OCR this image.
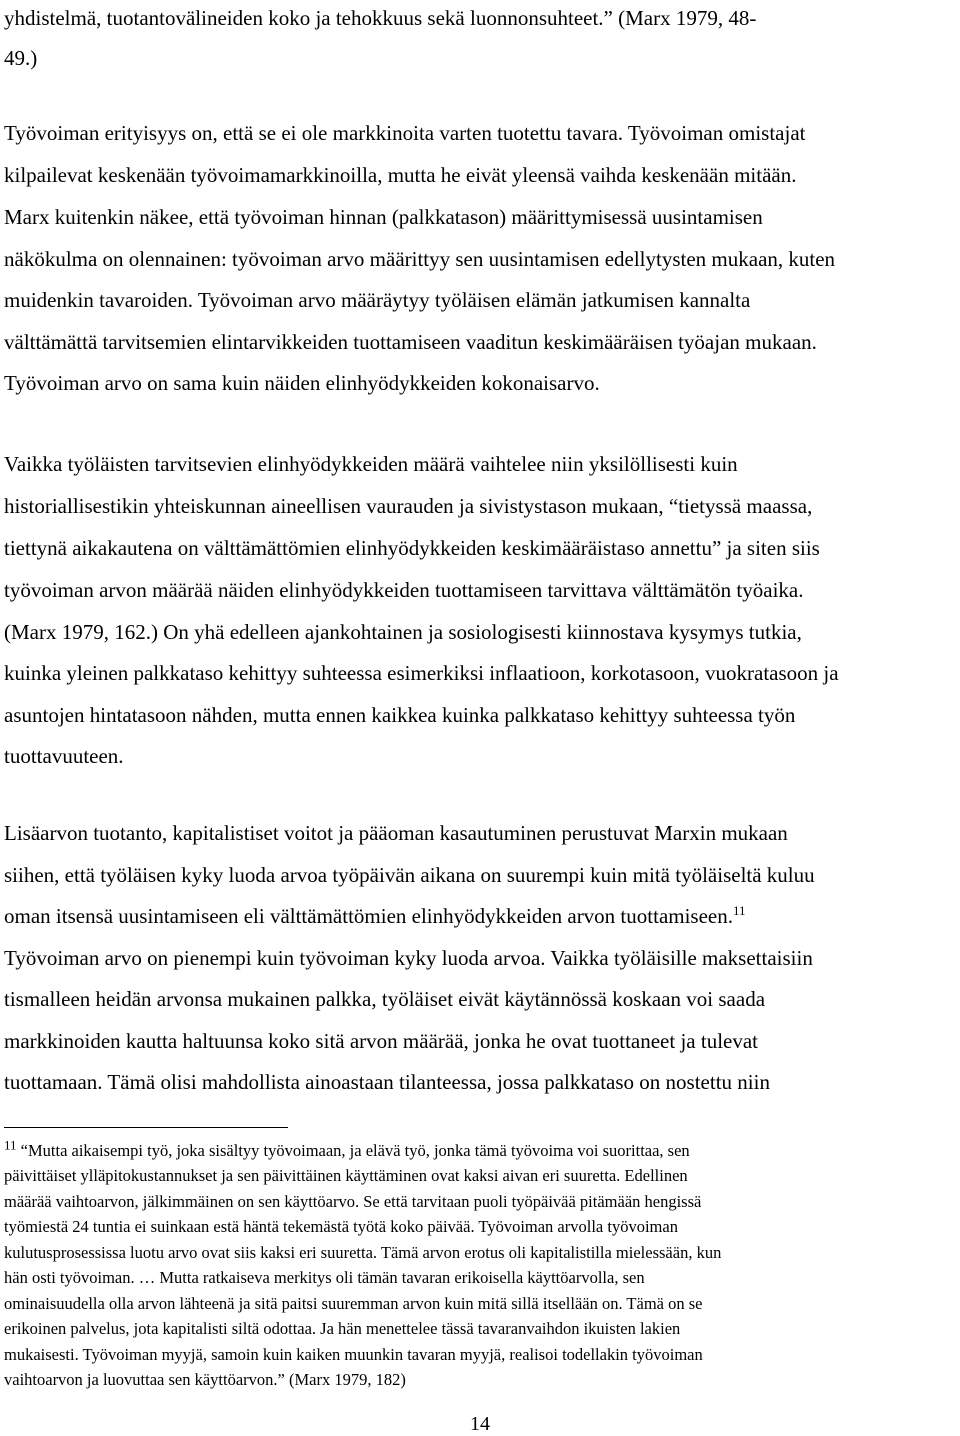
yhdistelmä, tuotantovälineiden koko ja tehokkuus sekä luonnonsuhteet.” (Marx 1979, 48-
49.)
Työvoiman erityisyys on, että se ei ole markkinoita varten tuotettu tavara. Työvoiman omistajat
kilpailevat keskenään työvoimamarkkinoilla, mutta he eivät yleensä vaihda keskenään mitään.
Marx kuitenkin näkee, että työvoiman hinnan (palkkatason) määrittymisessä uusintamisen
näkökulma on olennainen: työvoiman arvo määrittyy sen uusintamisen edellytysten mukaan, kuten
muidenkin tavaroiden. Työvoiman arvo määräytyy työläisen elämän jatkumisen kannalta
välttämättä tarvitsemien elintarvikkeiden tuottamiseen vaaditun keskimääräisen työajan mukaan.
Työvoiman arvo on sama kuin näiden elinhyödykkeiden kokonaisarvo.
Vaikka työläisten tarvitsevien elinhyödykkeiden määrä vaihtelee niin yksilöllisesti kuin
historiallisestikin yhteiskunnan aineellisen vaurauden ja sivistystason mukaan, “tietyssä maassa,
tiettynä aikakautena on välttämättömien elinhyödykkeiden keskimääräistaso annettu” ja siten siis
työvoiman arvon määrää näiden elinhyödykkeiden tuottamiseen tarvittava välttämätön työaika.
(Marx 1979, 162.) On yhä edelleen ajankohtainen ja sosiologisesti kiinnostava kysymys tutkia,
kuinka yleinen palkkataso kehittyy suhteessa esimerkiksi inflaatioon, korkotasoon, vuokratasoon ja
asuntojen hintatasoon nähden, mutta ennen kaikkea kuinka palkkataso kehittyy suhteessa työn
tuottavuuteen.
Lisäarvon tuotanto, kapitalistiset voitot ja pääoman kasautuminen perustuvat Marxin mukaan
siihen, että työläisen kyky luoda arvoa työpäivän aikana on suurempi kuin mitä työläiseltä kuluu
oman itsensä uusintamiseen eli välttämättömien elinhyödykkeiden arvon tuottamiseen.$^{11}$
Työvoiman arvo on pienempi kuin työvoiman kyky luoda arvoa. Vaikka työläisille maksettaisiin
tismalleen heidän arvonsa mukainen palkka, työläiset eivät käytännössä koskaan voi saada
markkinoiden kautta haltuunsa koko sitä arvon määrää, jonka he ovat tuottaneet ja tulevat
tuottamaan. Tämä olisi mahdollista ainoastaan tilanteessa, jossa palkkataso on nostettu niin
$^{11}$ “Mutta aikaisempi työ, joka sisältyy työvoimaan, ja elävä työ, jonka tämä työvoima voi suorittaa, sen
päivittäiset ylläpitokustannukset ja sen päivittäinen käyttäminen ovat kaksi aivan eri suuretta. Edellinen
määrää vaihtoarvon, jälkimmäinen on sen käyttöarvo. Se että tarvitaan puoli työpäivää pitämään hengissä
työmiestä 24 tuntia ei suinkaan estä häntä tekemästä työtä koko päivää. Työvoiman arvolla työvoiman
kulutusprosessissa luotu arvo ovat siis kaksi eri suuretta. Tämä arvon erotus oli kapitalistilla mielessään, kun
hän osti työvoiman. … Mutta ratkaiseva merkitys oli tämän tavaran erikoisella käyttöarvolla, sen
ominaisuudella olla arvon lähteenä ja sitä paitsi suuremman arvon kuin mitä sillä itsellään on. Tämä on se
erikoinen palvelus, jota kapitalisti siltä odottaa. Ja hän menettelee tässä tavaranvaihdon ikuisten lakien
mukaisesti. Työvoiman myyjä, samoin kuin kaiken muunkin tavaran myyjä, realisoi todellakin työvoiman
vaihtoarvon ja luovuttaa sen käyttöarvon.” (Marx 1979, 182)
14
